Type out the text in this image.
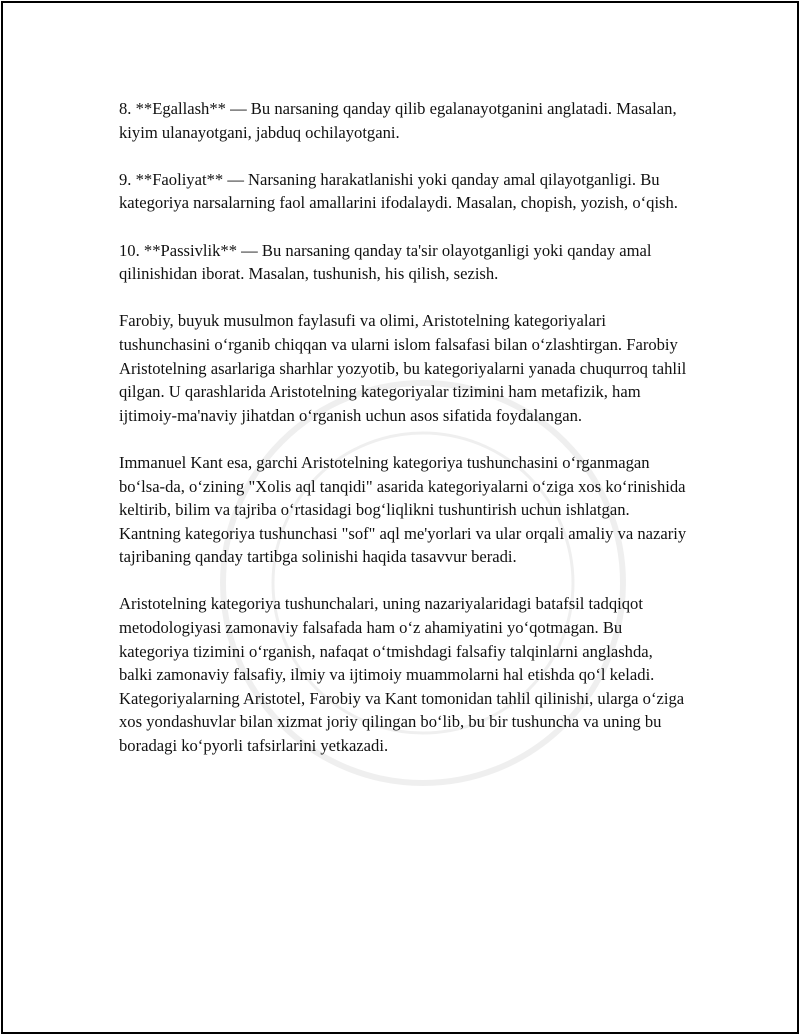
8. **Egallash** — Bu narsaning qanday qilib egalanayotganini anglatadi. Masalan, kiyim ulanayotgani, jabduq ochilayotgani.

9. **Faoliyat** — Narsaning harakatlanishi yoki qanday amal qilayotganligi. Bu kategoriya narsalarning faol amallarini ifodalaydi. Masalan, chopish, yozish, o‘qish.

10. **Passivlik** — Bu narsaning qanday ta'sir olayotganligi yoki qanday amal qilinishidan iborat. Masalan, tushunish, his qilish, sezish.

Farobiy, buyuk musulmon faylasufi va olimi, Aristotelning kategoriyalari tushunchasini o‘rganib chiqqan va ularni islom falsafasi bilan o‘zlashtirgan. Farobiy Aristotelning asarlariga sharhlar yozyotib, bu kategoriyalarni yanada chuqurroq tahlil qilgan. U qarashlarida Aristotelning kategoriyalar tizimini ham metafizik, ham ijtimoiy-ma'naviy jihatdan o‘rganish uchun asos sifatida foydalangan.

Immanuel Kant esa, garchi Aristotelning kategoriya tushunchasini o‘rganmagan bo‘lsa-da, o‘zining "Xolis aql tanqidi" asarida kategoriyalarni o‘ziga xos ko‘rinishida keltirib, bilim va tajriba o‘rtasidagi bog‘liqlikni tushuntirish uchun ishlatgan. Kantning kategoriya tushunchasi "sof" aql me'yorlari va ular orqali amaliy va nazariy tajribaning qanday tartibga solinishi haqida tasavvur beradi.

Aristotelning kategoriya tushunchalari, uning nazariyalaridagi batafsil tadqiqot metodologiyasi zamonaviy falsafada ham o‘z ahamiyatini yo‘qotmagan. Bu kategoriya tizimini o‘rganish, nafaqat o‘tmishdagi falsafiy talqinlarni anglashda, balki zamonaviy falsafiy, ilmiy va ijtimoiy muammolarni hal etishda qo‘l keladi. Kategoriyalarning Aristotel, Farobiy va Kant tomonidan tahlil qilinishi, ularga o‘ziga xos yondashuvlar bilan xizmat joriy qilingan bo‘lib, bu bir tushuncha va uning bu boradagi ko‘pyorli tafsirlarini yetkazadi.
